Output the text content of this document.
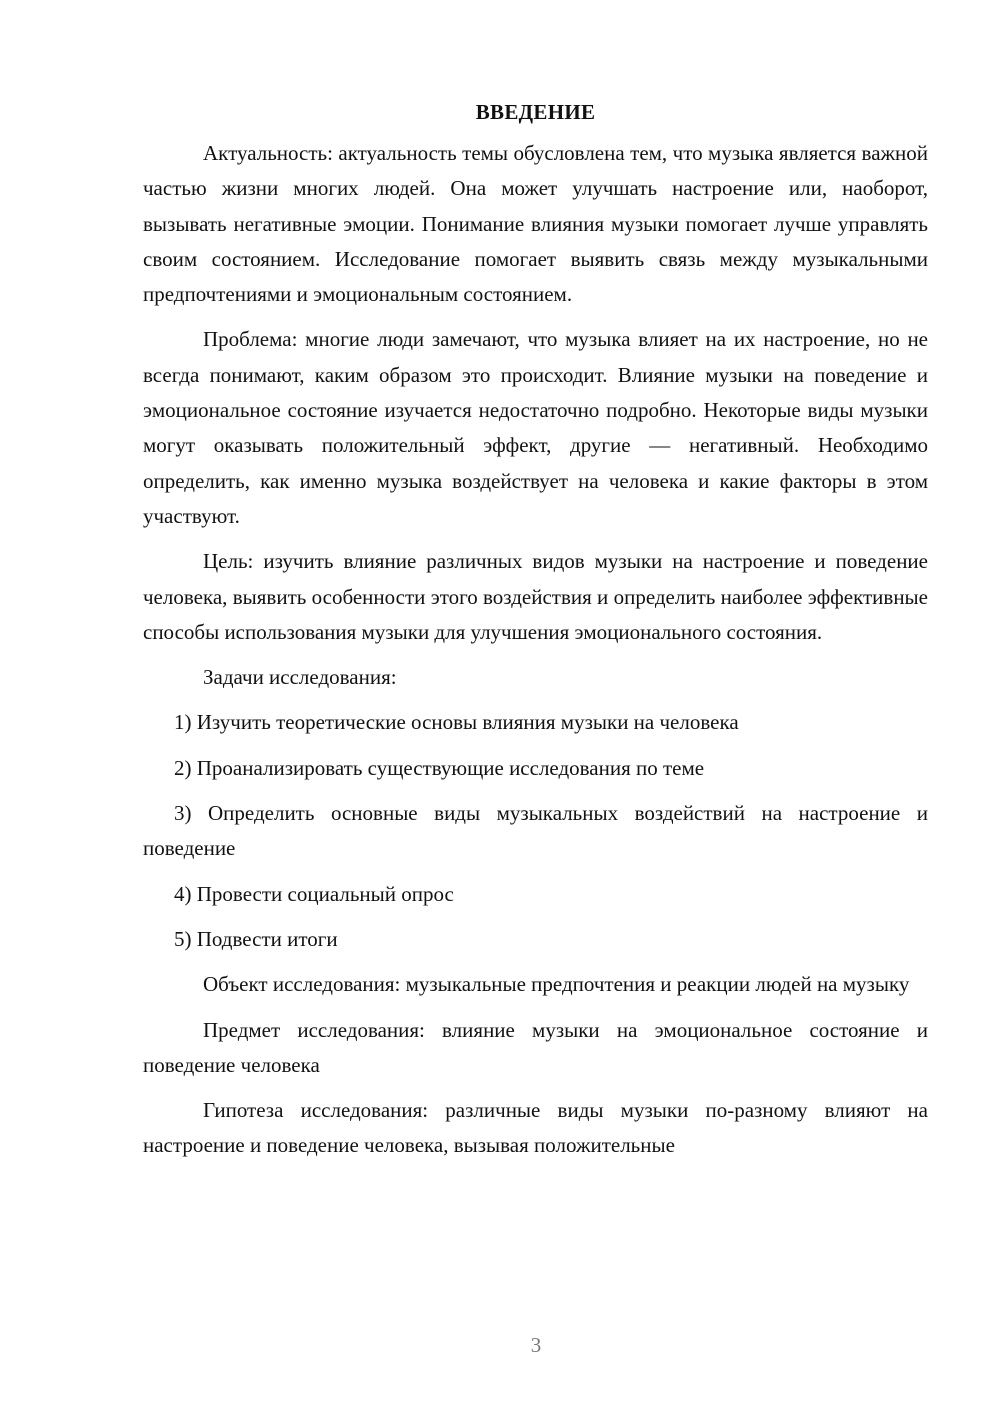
ВВЕДЕНИЕ

Актуальность: актуальность темы обусловлена тем, что музыка является важной частью жизни многих людей. Она может улучшать настроение или, наоборот, вызывать негативные эмоции. Понимание влияния музыки помогает лучше управлять своим состоянием. Исследование помогает выявить связь между музыкальными предпочтениями и эмоциональным состоянием.

Проблема: многие люди замечают, что музыка влияет на их настроение, но не всегда понимают, каким образом это происходит. Влияние музыки на поведение и эмоциональное состояние изучается недостаточно подробно. Некоторые виды музыки могут оказывать положительный эффект, другие — негативный. Необходимо определить, как именно музыка воздействует на человека и какие факторы в этом участвуют.

Цель: изучить влияние различных видов музыки на настроение и поведение человека, выявить особенности этого воздействия и определить наиболее эффективные способы использования музыки для улучшения эмоционального состояния.

Задачи исследования:

1) Изучить теоретические основы влияния музыки на человека

2) Проанализировать существующие исследования по теме

3) Определить основные виды музыкальных воздействий на настроение и поведение

4) Провести социальный опрос

5) Подвести итоги

Объект исследования: музыкальные предпочтения и реакции людей на музыку

Предмет исследования: влияние музыки на эмоциональное состояние и поведение человека

Гипотеза исследования: различные виды музыки по-разному влияют на настроение и поведение человека, вызывая положительные

3
